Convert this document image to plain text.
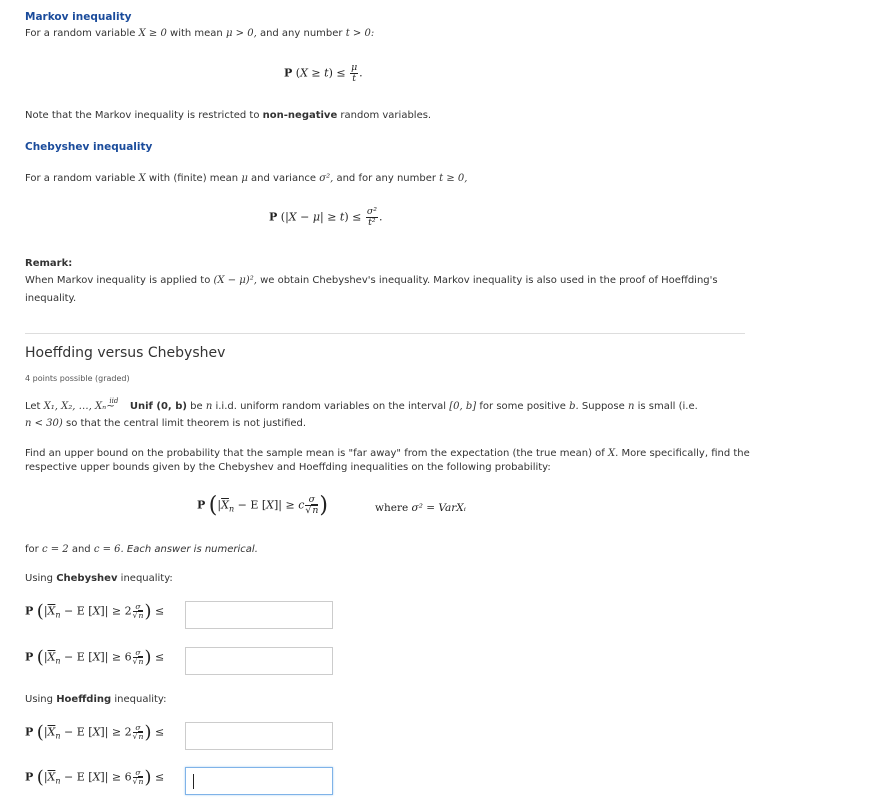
Markov inequality
For a random variable X ≥ 0 with mean μ > 0, and any number t > 0:
P $(X \ge t) \le \frac{\mu}{t}$ .
Note that the Markov inequality is restricted to non-negative random variables.
Chebyshev inequality
For a random variable X with (finite) mean μ and variance σ², and for any number t ≥ 0,
P $(|X - \mu| \ge t) \le \frac{\text{σ²}}{\text{t²}}$ .
Remark:
When Markov inequality is applied to (X − μ)², we obtain Chebyshev's inequality. Markov inequality is also used in the proof of Hoeffding's
inequality.
Hoeffding versus Chebyshev
4 points possible (graded)
Let X₁, X₂, …, Xₙ $^{iid}$~ Unif (0, b) be n i.i.d. uniform random variables on the interval [0, b] for some positive b. Suppose n is small (i.e.
n < 30) so that the central limit theorem is not justified.
Find an upper bound on the probability that the sample mean is "far away" from the expectation (the true mean) of X. More specifically, find the
respective upper bounds given by the Chebyshev and Hoeffding inequalities on the following probability:
P ($|\overline{X}_n - E$ [X]| ≥ c $\frac{\sigma}{√n}$ )	where σ² = VarXᵢ
for c = 2 and c = 6. Each answer is numerical.
Using Chebyshev inequality:
P ($|\overline{X}_n - E$ $[X]| \ge 2 \frac{\sigma}{√n}$ ) ≤
P ($|\overline{X}_n - E$ $[X]| \ge 6 \frac{\sigma}{√n}$ ) ≤
Using Hoeffding inequality:
P ($|\overline{X}_n - E$ $[X]| \ge 2 \frac{\sigma}{√n}$ ) ≤
P ($|\overline{X}_n - E$ $[X]| \ge 6 \frac{\sigma}{√n}$ ) ≤
